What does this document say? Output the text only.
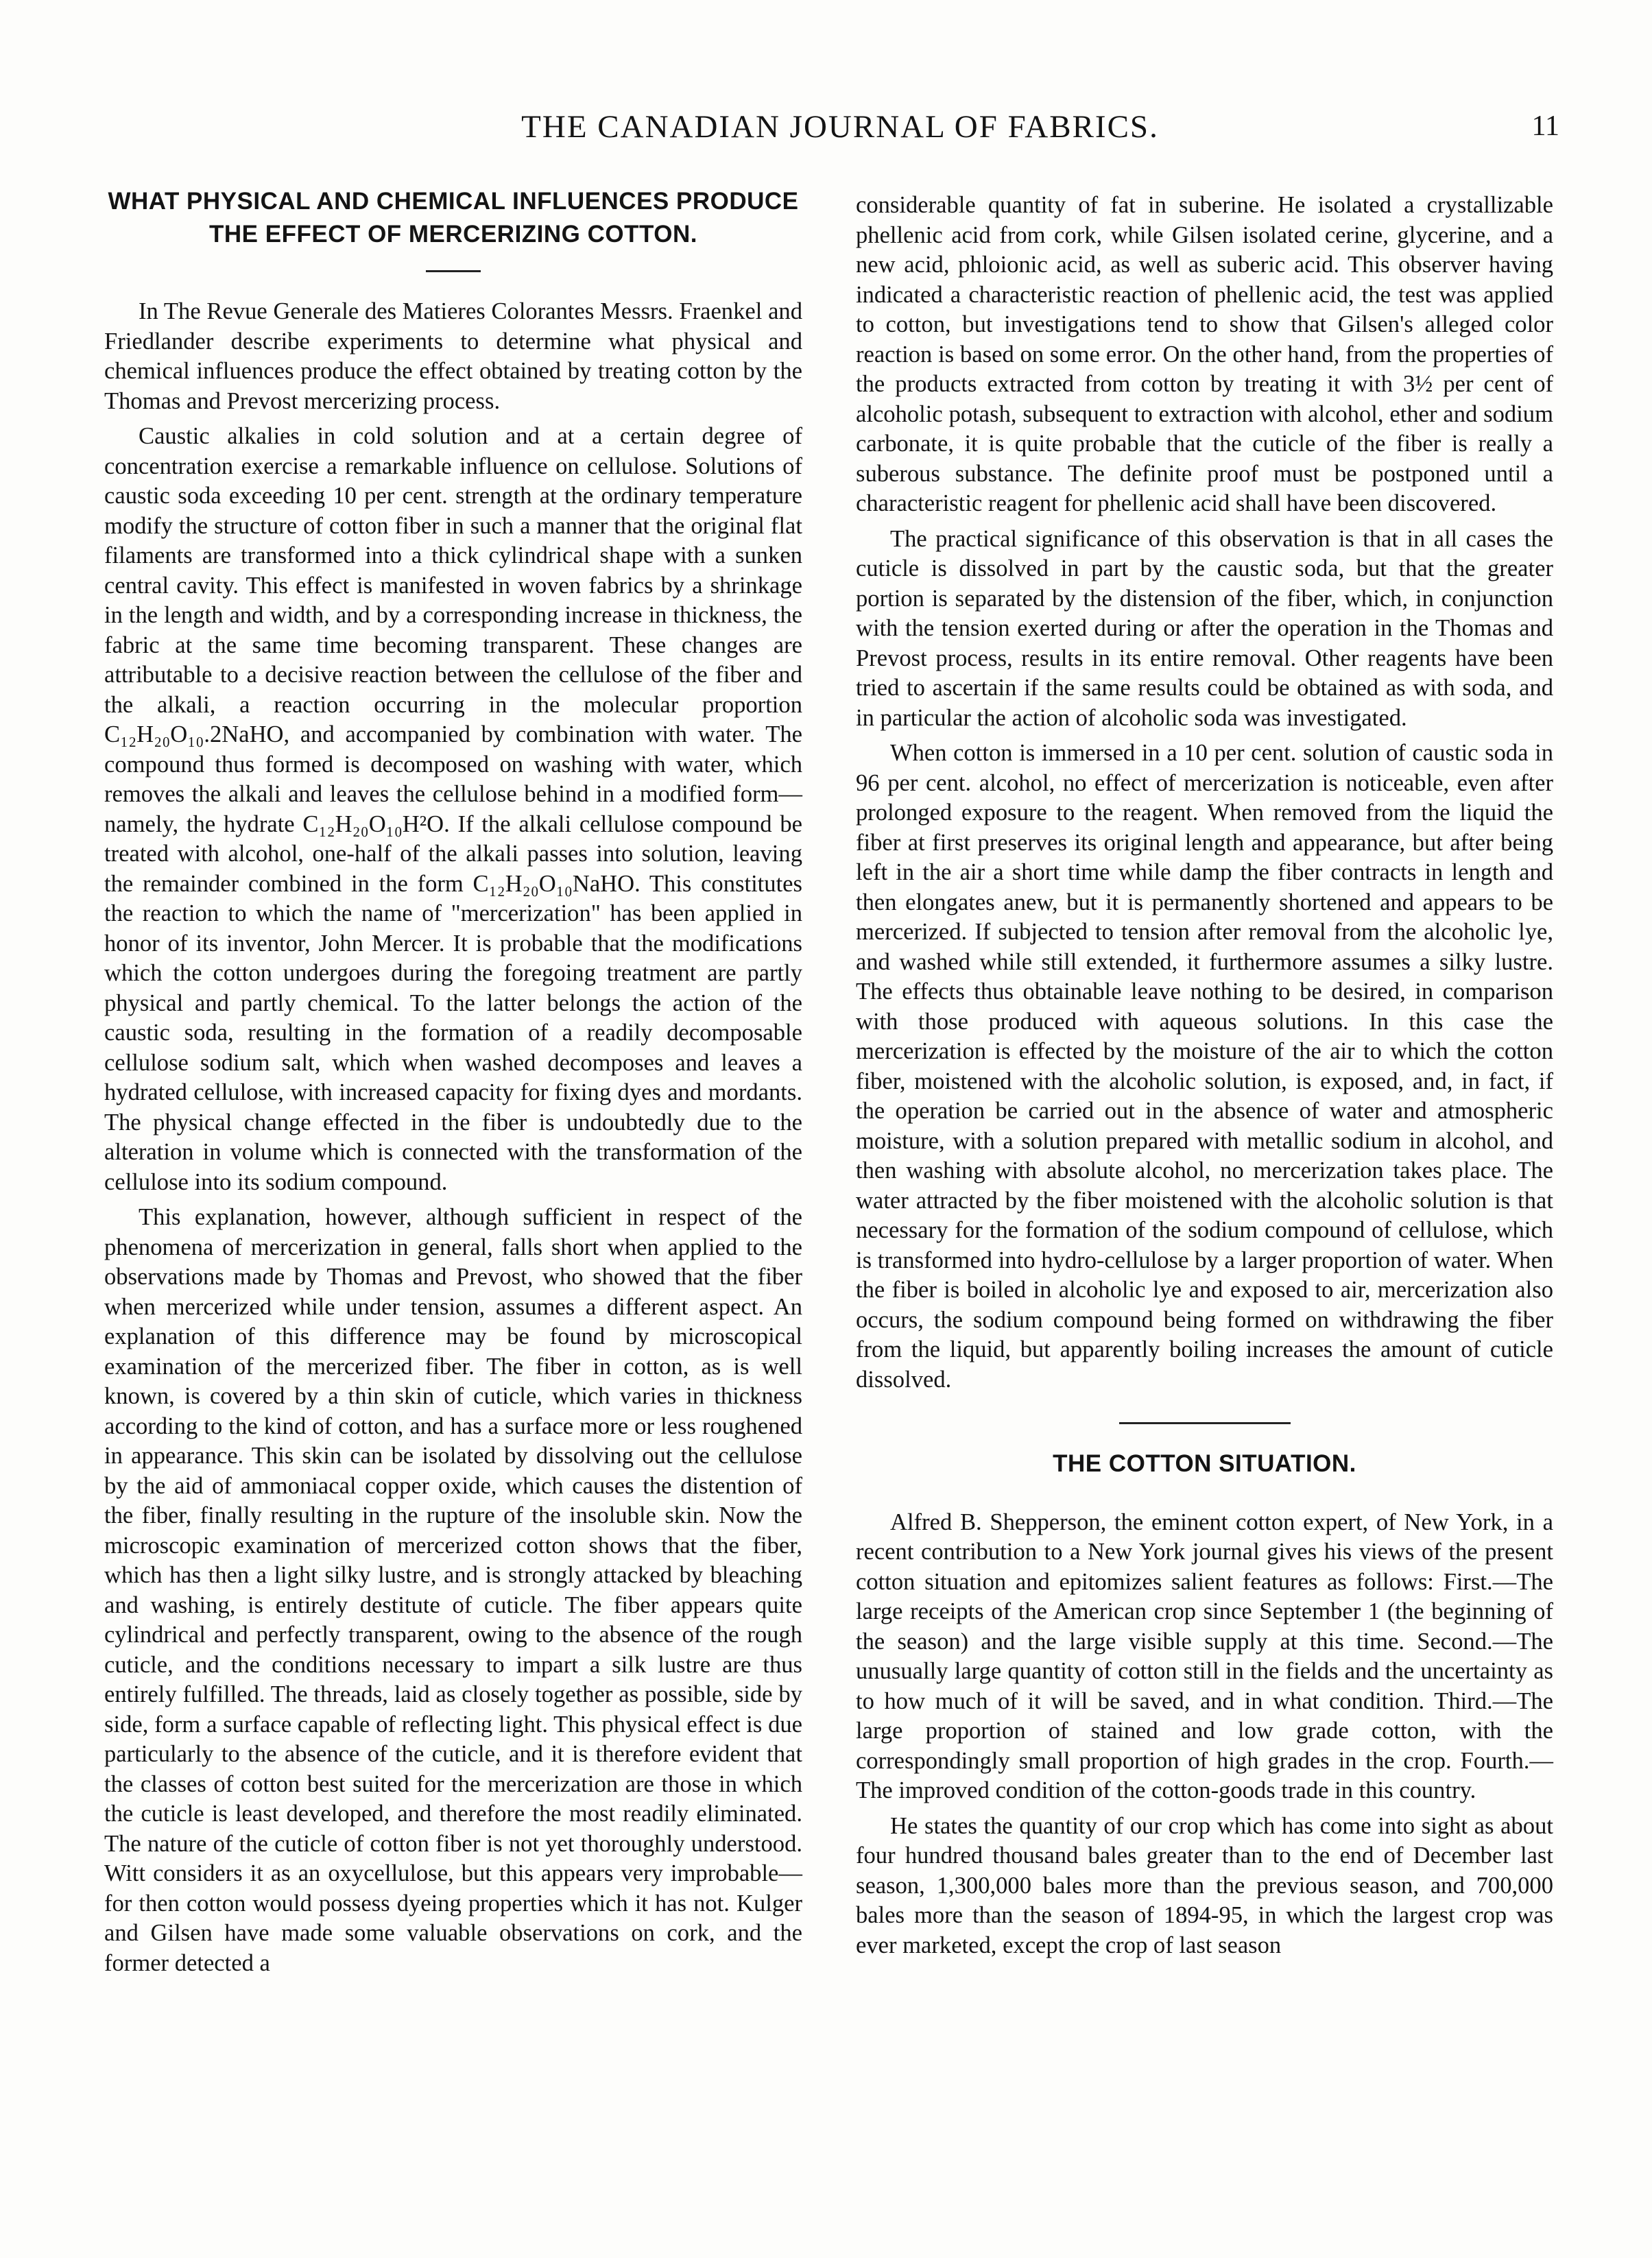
THE CANADIAN JOURNAL OF FABRICS.	11
WHAT PHYSICAL AND CHEMICAL INFLUENCES PRODUCE
THE EFFECT OF MERCERIZING COTTON.

In The Revue Generale des Matieres Colorantes Messrs. Fraenkel and Friedlander describe experiments to determine what physical and chemical influences produce the effect obtained by treating cotton by the Thomas and Prevost mercerizing process.

Caustic alkalies in cold solution and at a certain degree of concentration exercise a remarkable influence on cellulose. Solutions of caustic soda exceeding 10 per cent. strength at the ordinary temperature modify the structure of cotton fiber in such a manner that the original flat filaments are transformed into a thick cylindrical shape with a sunken central cavity. This effect is manifested in woven fabrics by a shrinkage in the length and width, and by a corresponding increase in thickness, the fabric at the same time becoming transparent. These changes are attributable to a decisive reaction between the cellulose of the fiber and the alkali, a reaction occurring in the molecular proportion C₁₂H₂₀O₁₀.2NaHO, and accompanied by combination with water. The compound thus formed is decomposed on washing with water, which removes the alkali and leaves the cellulose behind in a modified form—namely, the hydrate C₁₂H₂₀O₁₀H²O. If the alkali cellulose compound be treated with alcohol, one-half of the alkali passes into solution, leaving the remainder combined in the form C₁₂H₂₀O₁₀NaHO. This constitutes the reaction to which the name of "mercerization" has been applied in honor of its inventor, John Mercer. It is probable that the modifications which the cotton undergoes during the foregoing treatment are partly physical and partly chemical. To the latter belongs the action of the caustic soda, resulting in the formation of a readily decomposable cellulose sodium salt, which when washed decomposes and leaves a hydrated cellulose, with increased capacity for fixing dyes and mordants. The physical change effected in the fiber is undoubtedly due to the alteration in volume which is connected with the transformation of the cellulose into its sodium compound.

This explanation, however, although sufficient in respect of the phenomena of mercerization in general, falls short when applied to the observations made by Thomas and Prevost, who showed that the fiber when mercerized while under tension, assumes a different aspect. An explanation of this difference may be found by microscopical examination of the mercerized fiber. The fiber in cotton, as is well known, is covered by a thin skin of cuticle, which varies in thickness according to the kind of cotton, and has a surface more or less roughened in appearance. This skin can be isolated by dissolving out the cellulose by the aid of ammoniacal copper oxide, which causes the distention of the fiber, finally resulting in the rupture of the insoluble skin. Now the microscopic examination of mercerized cotton shows that the fiber, which has then a light silky lustre, and is strongly attacked by bleaching and washing, is entirely destitute of cuticle. The fiber appears quite cylindrical and perfectly transparent, owing to the absence of the rough cuticle, and the conditions necessary to impart a silk lustre are thus entirely fulfilled. The threads, laid as closely together as possible, side by side, form a surface capable of reflecting light. This physical effect is due particularly to the absence of the cuticle, and it is therefore evident that the classes of cotton best suited for the mercerization are those in which the cuticle is least developed, and therefore the most readily eliminated. The nature of the cuticle of cotton fiber is not yet thoroughly understood. Witt considers it as an oxycellulose, but this appears very improbable—for then cotton would possess dyeing properties which it has not. Kulger and Gilsen have made some valuable observations on cork, and the former detected a

considerable quantity of fat in suberine. He isolated a crystallizable phellenic acid from cork, while Gilsen isolated cerine, glycerine, and a new acid, phloionic acid, as well as suberic acid. This observer having indicated a characteristic reaction of phellenic acid, the test was applied to cotton, but investigations tend to show that Gilsen's alleged color reaction is based on some error. On the other hand, from the properties of the products extracted from cotton by treating it with 3½ per cent of alcoholic potash, subsequent to extraction with alcohol, ether and sodium carbonate, it is quite probable that the cuticle of the fiber is really a suberous substance. The definite proof must be postponed until a characteristic reagent for phellenic acid shall have been discovered.

The practical significance of this observation is that in all cases the cuticle is dissolved in part by the caustic soda, but that the greater portion is separated by the distension of the fiber, which, in conjunction with the tension exerted during or after the operation in the Thomas and Prevost process, results in its entire removal. Other reagents have been tried to ascertain if the same results could be obtained as with soda, and in particular the action of alcoholic soda was investigated.

When cotton is immersed in a 10 per cent. solution of caustic soda in 96 per cent. alcohol, no effect of mercerization is noticeable, even after prolonged exposure to the reagent. When removed from the liquid the fiber at first preserves its original length and appearance, but after being left in the air a short time while damp the fiber contracts in length and then elongates anew, but it is permanently shortened and appears to be mercerized. If subjected to tension after removal from the alcoholic lye, and washed while still extended, it furthermore assumes a silky lustre. The effects thus obtainable leave nothing to be desired, in comparison with those produced with aqueous solutions. In this case the mercerization is effected by the moisture of the air to which the cotton fiber, moistened with the alcoholic solution, is exposed, and, in fact, if the operation be carried out in the absence of water and atmospheric moisture, with a solution prepared with metallic sodium in alcohol, and then washing with absolute alcohol, no mercerization takes place. The water attracted by the fiber moistened with the alcoholic solution is that necessary for the formation of the sodium compound of cellulose, which is transformed into hydro-cellulose by a larger proportion of water. When the fiber is boiled in alcoholic lye and exposed to air, mercerization also occurs, the sodium compound being formed on withdrawing the fiber from the liquid, but apparently boiling increases the amount of cuticle dissolved.

THE COTTON SITUATION.

Alfred B. Shepperson, the eminent cotton expert, of New York, in a recent contribution to a New York journal gives his views of the present cotton situation and epitomizes salient features as follows: First.—The large receipts of the American crop since September 1 (the beginning of the season) and the large visible supply at this time. Second.—The unusually large quantity of cotton still in the fields and the uncertainty as to how much of it will be saved, and in what condition. Third.—The large proportion of stained and low grade cotton, with the correspondingly small proportion of high grades in the crop. Fourth.—The improved condition of the cotton-goods trade in this country.

He states the quantity of our crop which has come into sight as about four hundred thousand bales greater than to the end of December last season, 1,300,000 bales more than the previous season, and 700,000 bales more than the season of 1894-95, in which the largest crop was ever marketed, except the crop of last season
